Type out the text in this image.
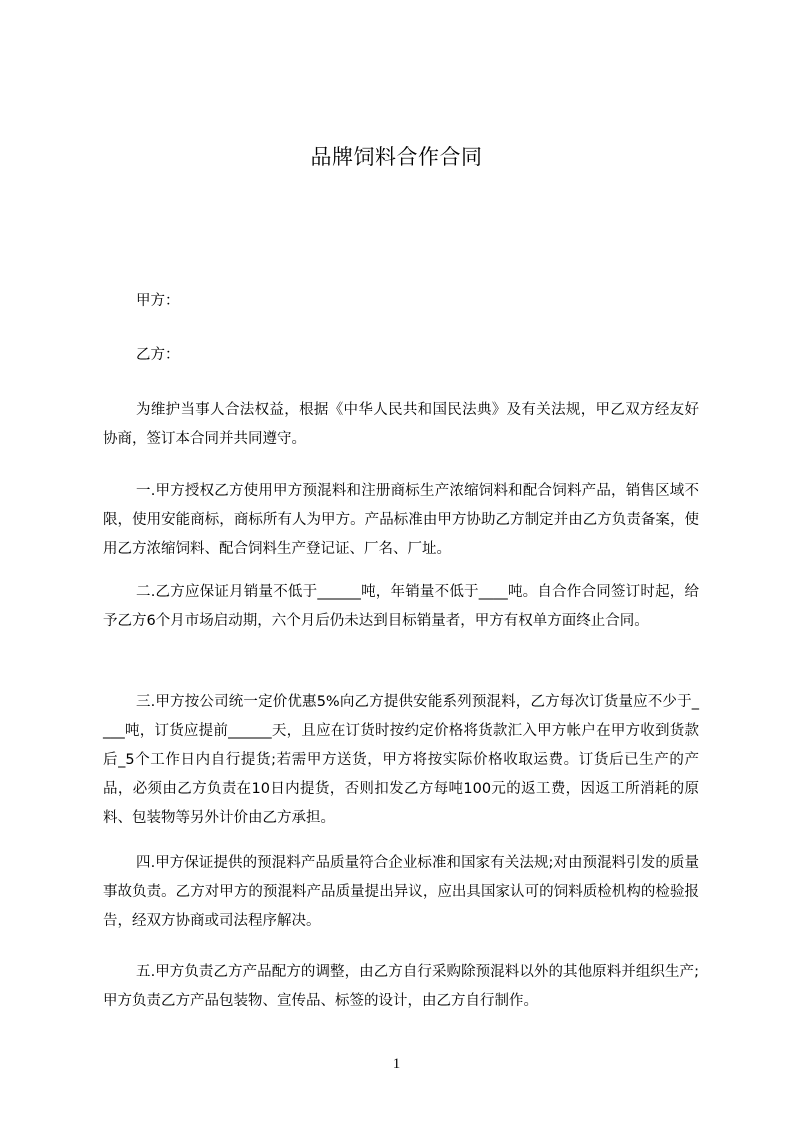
品牌饲料合作合同

甲方：

乙方：

为维护当事人合法权益，根据《中华人民共和国民法典》及有关法规，甲乙双方经友好协商，签订本合同并共同遵守。

一.甲方授权乙方使用甲方预混料和注册商标生产浓缩饲料和配合饲料产品，销售区域不限，使用安能商标，商标所有人为甲方。产品标准由甲方协助乙方制定并由乙方负责备案，使用乙方浓缩饲料、配合饲料生产登记证、厂名、厂址。

二.乙方应保证月销量不低于______吨，年销量不低于____吨。自合作合同签订时起，给予乙方6个月市场启动期，六个月后仍未达到目标销量者，甲方有权单方面终止合同。

三.甲方按公司统一定价优惠5%向乙方提供安能系列预混料，乙方每次订货量应不少于____吨，订货应提前______天，且应在订货时按约定价格将货款汇入甲方帐户在甲方收到货款后_5个工作日内自行提货;若需甲方送货，甲方将按实际价格收取运费。订货后已生产的产品，必须由乙方负责在10日内提货，否则扣发乙方每吨100元的返工费，因返工所消耗的原料、包装物等另外计价由乙方承担。

四.甲方保证提供的预混料产品质量符合企业标准和国家有关法规;对由预混料引发的质量事故负责。乙方对甲方的预混料产品质量提出异议，应出具国家认可的饲料质检机构的检验报告，经双方协商或司法程序解决。

五.甲方负责乙方产品配方的调整，由乙方自行采购除预混料以外的其他原料并组织生产;甲方负责乙方产品包装物、宣传品、标签的设计，由乙方自行制作。

1
